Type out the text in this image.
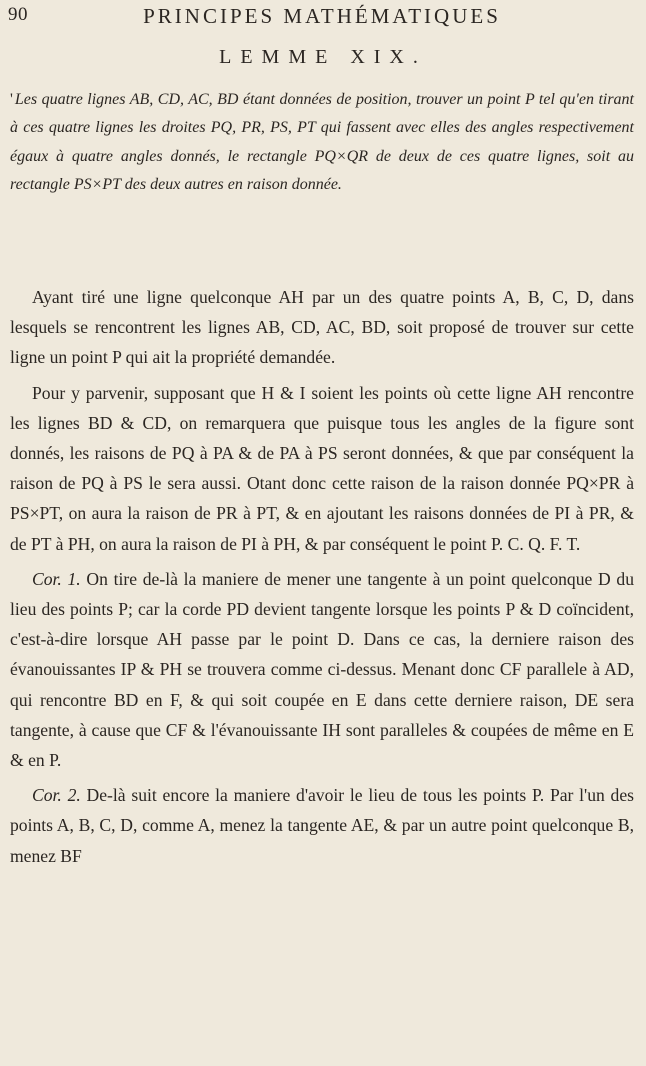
90	PRINCIPES MATHÉMATIQUES
LEMME XIX.

' Les quatre lignes AB, CD, AC, BD étant données de position, trouver un point P tel qu'en tirant à ces quatre lignes les droites PQ, PR, PS, PT qui fassent avec elles des angles respectivement égaux à quatre angles donnés, le rectangle PQ×QR de deux de ces quatre lignes, soit au rectangle PS×PT des deux autres en raison donnée.

Ayant tiré une ligne quelconque AH par un des quatre points A, B, C, D, dans lesquels se rencontrent les lignes AB, CD, AC, BD, soit proposé de trouver sur cette ligne un point P qui ait la propriété demandée.

Pour y parvenir, supposant que H & I soient les points où cette ligne AH rencontre les lignes BD & CD, on remarquera que puisque tous les angles de la figure sont donnés, les raisons de PQ à PA & de PA à PS seront données, & que par conséquent la raison de PQ à PS le sera aussi. Otant donc cette raison de la raison donnée PQ×PR à PS×PT, on aura la raison de PR à PT, & en ajoutant les raisons données de PI à PR, & de PT à PH, on aura la raison de PI à PH, & par conséquent le point P. C. Q. F. T.

Cor. 1. On tire de-là la maniere de mener une tangente à un point quelconque D du lieu des points P; car la corde PD devient tangente lorsque les points P & D coïncident, c'est-à-dire lorsque AH passe par le point D. Dans ce cas, la derniere raison des évanouissantes IP & PH se trouvera comme ci-dessus. Menant donc CF parallele à AD, qui rencontre BD en F, & qui soit coupée en E dans cette derniere raison, DE sera tangente, à cause que CF & l'évanouissante IH sont paralleles & coupées de même en E & en P.

Cor. 2. De-là suit encore la maniere d'avoir le lieu de tous les points P. Par l'un des points A, B, C, D, comme A, menez la tangente AE, & par un autre point quelconque B, menez BF
